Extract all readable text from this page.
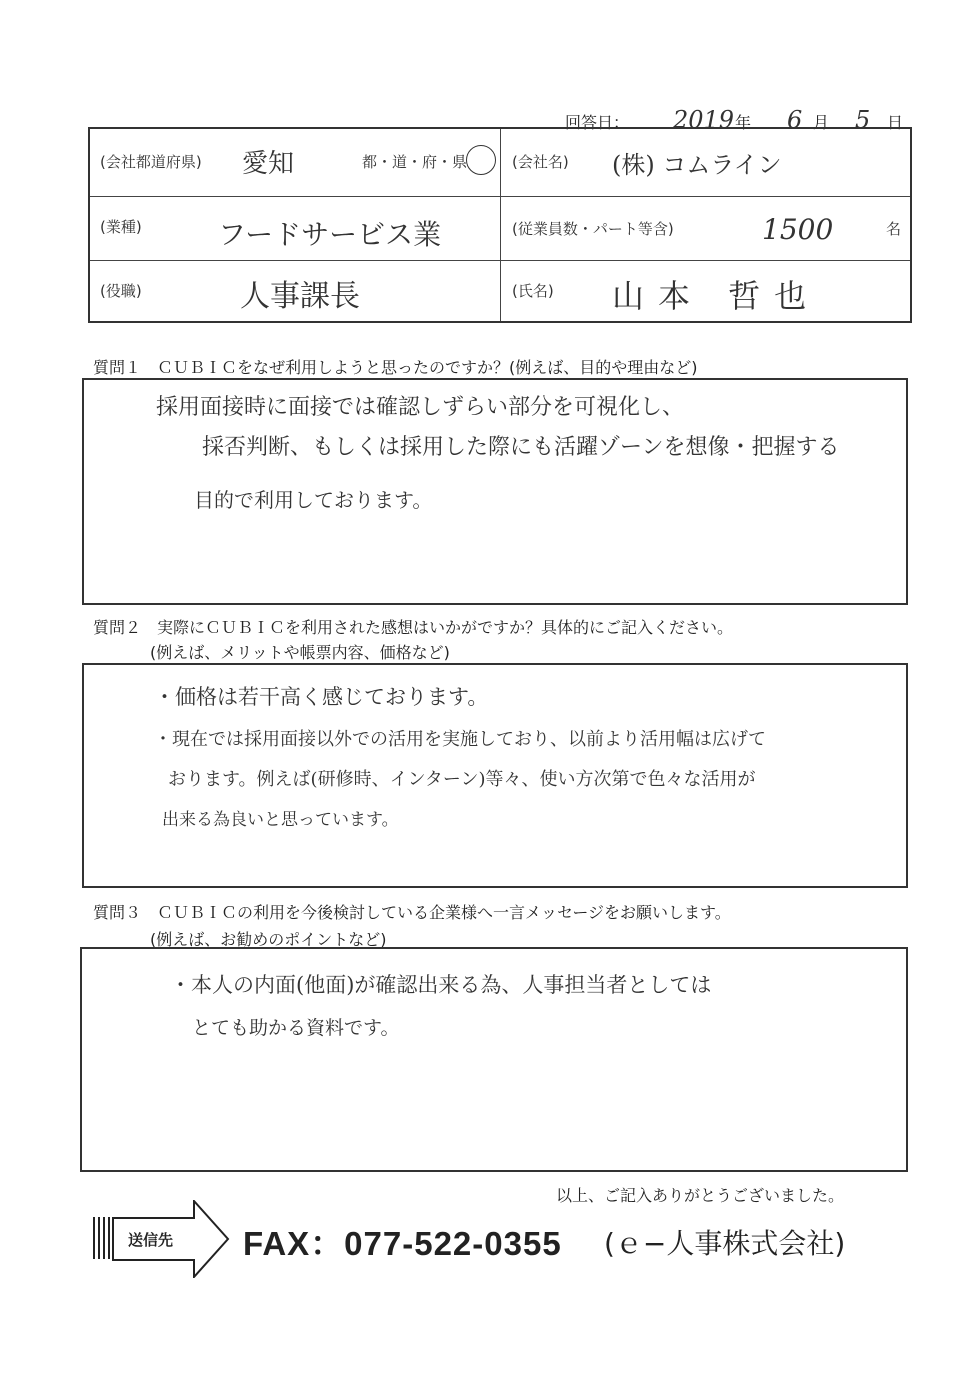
回答日： 2019 年 6 月 5 日
(会社都道府県) 愛知	都・道・府・県	(会社名) (株) コムライン
(業種)	フードサービス業	(従業員数・パート等含)	1500	名
(役職)	人事課長	(氏名) 山本 哲也
質問１　ＣＵＢＩＣをなぜ利用しようと思ったのですか？(例えば、目的や理由など)
採用面接時に面接では確認しずらい部分を可視化し、
採否判断、もしくは採用した際にも活躍ゾーンを想像・把握する
目的で利用しております。
質問２　実際にＣＵＢＩＣを利用された感想はいかがですか？具体的にご記入ください。
(例えば、メリットや帳票内容、価格など)
・価格は若干高く感じております。
・現在では採用面接以外での活用を実施しており、以前より活用幅は広げて
おります。例えば(研修時、インターン)等々、使い方次第で色々な活用が
出来る為良いと思っています。
質問３　ＣＵＢＩＣの利用を今後検討している企業様へ一言メッセージをお願いします。
(例えば、お勧めのポイントなど)
・本人の内面(他面)が確認出来る為、人事担当者としては
とても助かる資料です。
以上、ご記入ありがとうございました。
送信先 FAX：077-522-0355 (ｅ−人事株式会社)
